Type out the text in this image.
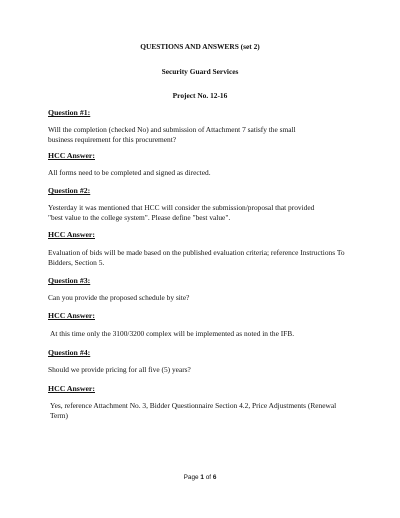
QUESTIONS AND ANSWERS (set 2)
Security Guard Services
Project No. 12-16
Question #1:
Will the completion (checked No) and submission of Attachment 7 satisfy the small business requirement for this procurement?
HCC Answer:
All forms need to be completed and signed as directed.
Question #2:
Yesterday it was mentioned that HCC will consider the submission/proposal that provided "best value to the college system". Please define "best value".
HCC Answer:
Evaluation of bids will be made based on the published evaluation criteria; reference Instructions To Bidders, Section 5.
Question #3:
Can you provide the proposed schedule by site?
HCC Answer:
At this time only the 3100/3200 complex will be implemented as noted in the IFB.
Question #4:
Should we provide pricing for all five (5) years?
HCC Answer:
Yes, reference Attachment No. 3, Bidder Questionnaire Section 4.2, Price Adjustments (Renewal Term)
Page 1 of 6
